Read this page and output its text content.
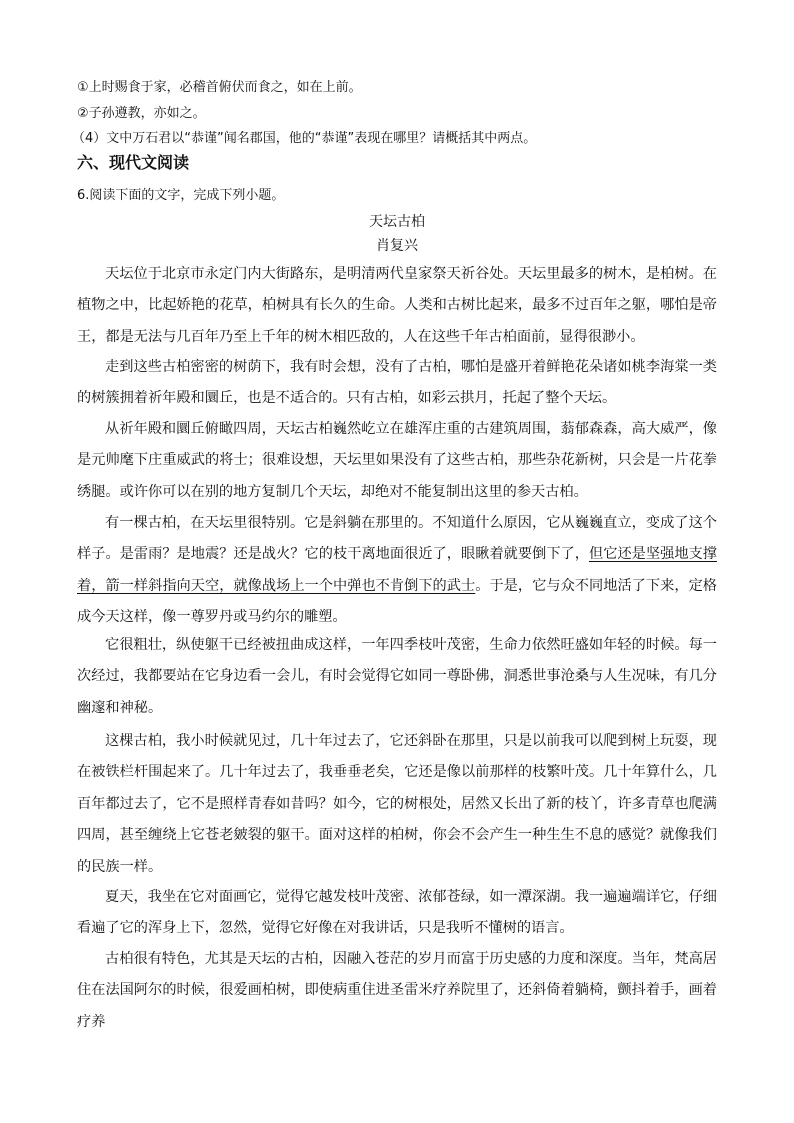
①上时赐食于家，必稽首俯伏而食之，如在上前。
②子孙遵教，亦如之。
（4）文中万石君以“恭谨”闻名郡国，他的“恭谨”表现在哪里？请概括其中两点。
六、现代文阅读
6.阅读下面的文字，完成下列小题。
天坛古柏
肖复兴
天坛位于北京市永定门内大街路东，是明清两代皇家祭天祈谷处。天坛里最多的树木，是柏树。在植物之中，比起娇艳的花草，柏树具有长久的生命。人类和古树比起来，最多不过百年之躯，哪怕是帝王，都是无法与几百年乃至上千年的树木相匹敌的，人在这些千年古柏面前，显得很渺小。
走到这些古柏密密的树荫下，我有时会想，没有了古柏，哪怕是盛开着鲜艳花朵诸如桃李海棠一类的树簇拥着祈年殿和圜丘，也是不适合的。只有古柏，如彩云拱月，托起了整个天坛。
从祈年殿和圜丘俯瞰四周，天坛古柏巍然屹立在雄浑庄重的古建筑周围，蓊郁森森，高大威严，像是元帅麾下庄重威武的将士；很难设想，天坛里如果没有了这些古柏，那些杂花新树，只会是一片花拳绣腿。或许你可以在别的地方复制几个天坛，却绝对不能复制出这里的参天古柏。
有一棵古柏，在天坛里很特别。它是斜躺在那里的。不知道什么原因，它从巍巍直立，变成了这个样子。是雷雨？是地震？还是战火？它的枝干离地面很近了，眼瞅着就要倒下了，但它还是坚强地支撑着，箭一样斜指向天空，就像战场上一个中弹也不肯倒下的武士。于是，它与众不同地活了下来，定格成今天这样，像一尊罗丹或马约尔的雕塑。
它很粗壮，纵使躯干已经被扭曲成这样，一年四季枝叶茂密，生命力依然旺盛如年轻的时候。每一次经过，我都要站在它身边看一会儿，有时会觉得它如同一尊卧佛，洞悉世事沧桑与人生况味，有几分幽邃和神秘。
这棵古柏，我小时候就见过，几十年过去了，它还斜卧在那里，只是以前我可以爬到树上玩耍，现在被铁栏杆围起来了。几十年过去了，我垂垂老矣，它还是像以前那样的枝繁叶茂。几十年算什么，几百年都过去了，它不是照样青春如昔吗？如今，它的树根处，居然又长出了新的枝丫，许多青草也爬满四周，甚至缠绕上它苍老皴裂的躯干。面对这样的柏树，你会不会产生一种生生不息的感觉？就像我们的民族一样。
夏天，我坐在它对面画它，觉得它越发枝叶茂密、浓郁苍绿，如一潭深湖。我一遍遍端详它，仔细看遍了它的浑身上下，忽然，觉得它好像在对我讲话，只是我听不懂树的语言。
古柏很有特色，尤其是天坛的古柏，因融入苍茫的岁月而富于历史感的力度和深度。当年，梵高居住在法国阿尔的时候，很爱画柏树，即使病重住进圣雷米疗养院里了，还斜倚着躺椅，颤抖着手，画着疗养
